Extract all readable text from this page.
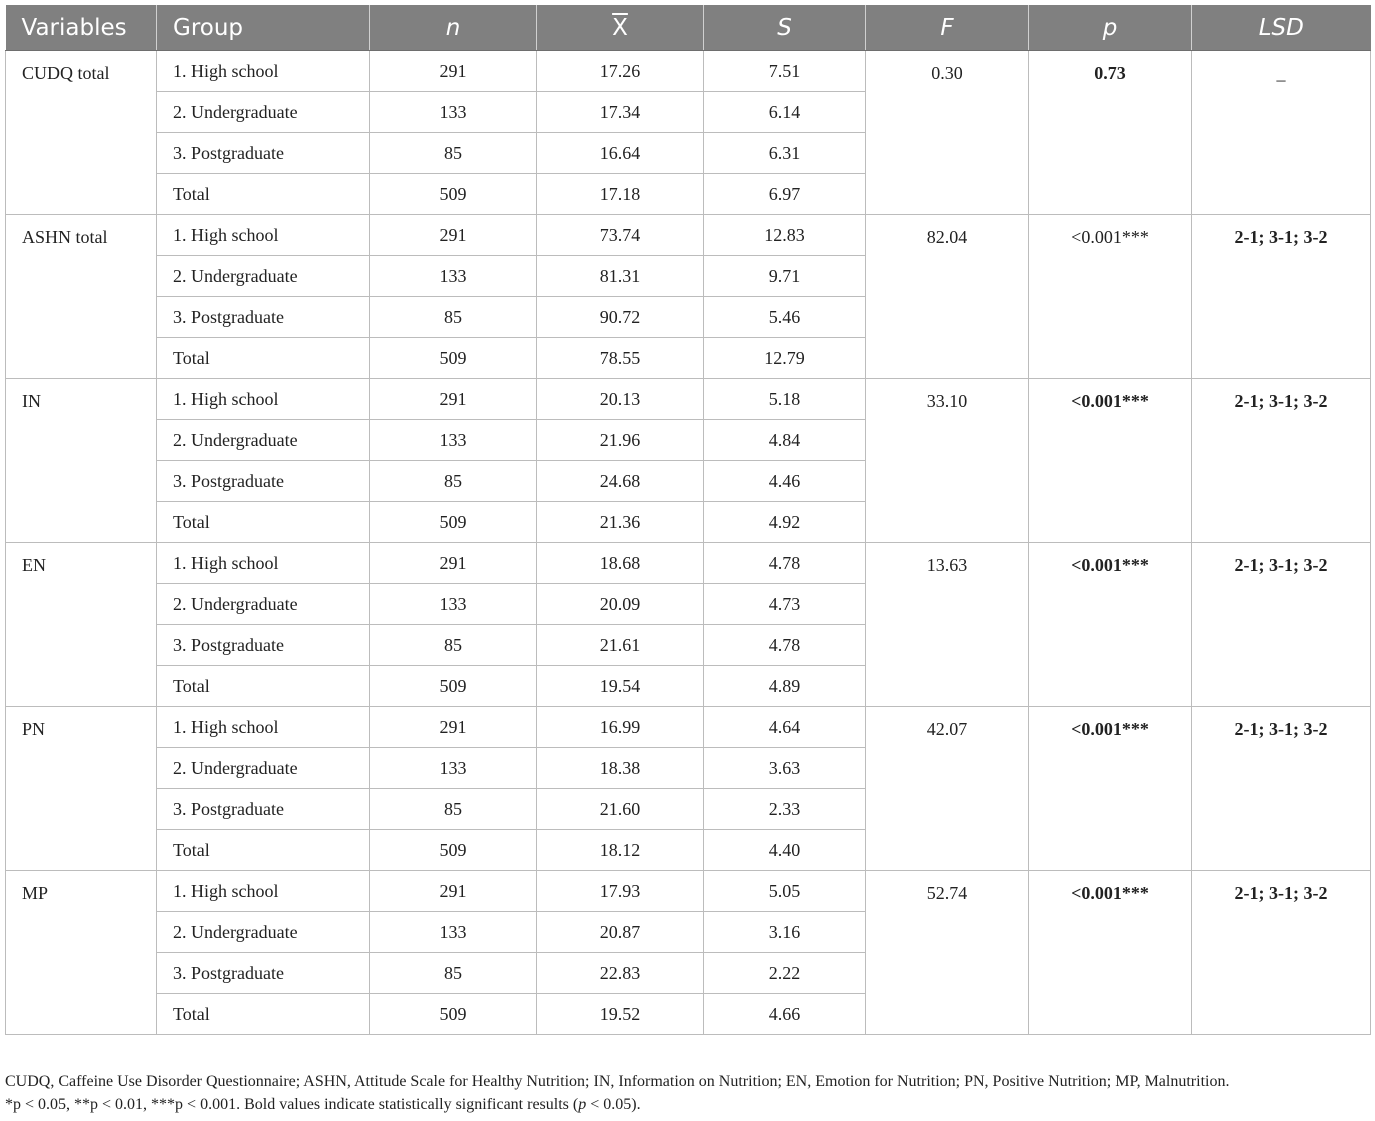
Variables	Group	n	$\overline{X}$	S	F	p	LSD
CUDQ total	1. High school	291	17.26	7.51	0.30	0.73	_
	2. Undergraduate	133	17.34	6.14			
	3. Postgraduate	85	16.64	6.31			
	Total	509	17.18	6.97			
ASHN total	1. High school	291	73.74	12.83	82.04	<0.001***	2-1; 3-1; 3-2
	2. Undergraduate	133	81.31	9.71			
	3. Postgraduate	85	90.72	5.46			
	Total	509	78.55	12.79			
IN	1. High school	291	20.13	5.18	33.10	<0.001***	2-1; 3-1; 3-2
	2. Undergraduate	133	21.96	4.84			
	3. Postgraduate	85	24.68	4.46			
	Total	509	21.36	4.92			
EN	1. High school	291	18.68	4.78	13.63	<0.001***	2-1; 3-1; 3-2
	2. Undergraduate	133	20.09	4.73			
	3. Postgraduate	85	21.61	4.78			
	Total	509	19.54	4.89			
PN	1. High school	291	16.99	4.64	42.07	<0.001***	2-1; 3-1; 3-2
	2. Undergraduate	133	18.38	3.63			
	3. Postgraduate	85	21.60	2.33			
	Total	509	18.12	4.40			
MP	1. High school	291	17.93	5.05	52.74	<0.001***	2-1; 3-1; 3-2
	2. Undergraduate	133	20.87	3.16			
	3. Postgraduate	85	22.83	2.22			
	Total	509	19.52	4.66			

CUDQ, Caffeine Use Disorder Questionnaire; ASHN, Attitude Scale for Healthy Nutrition; IN, Information on Nutrition; EN, Emotion for Nutrition; PN, Positive Nutrition; MP, Malnutrition.

*p < 0.05, **p < 0.01, ***p < 0.001. Bold values indicate statistically significant results (p < 0.05).
